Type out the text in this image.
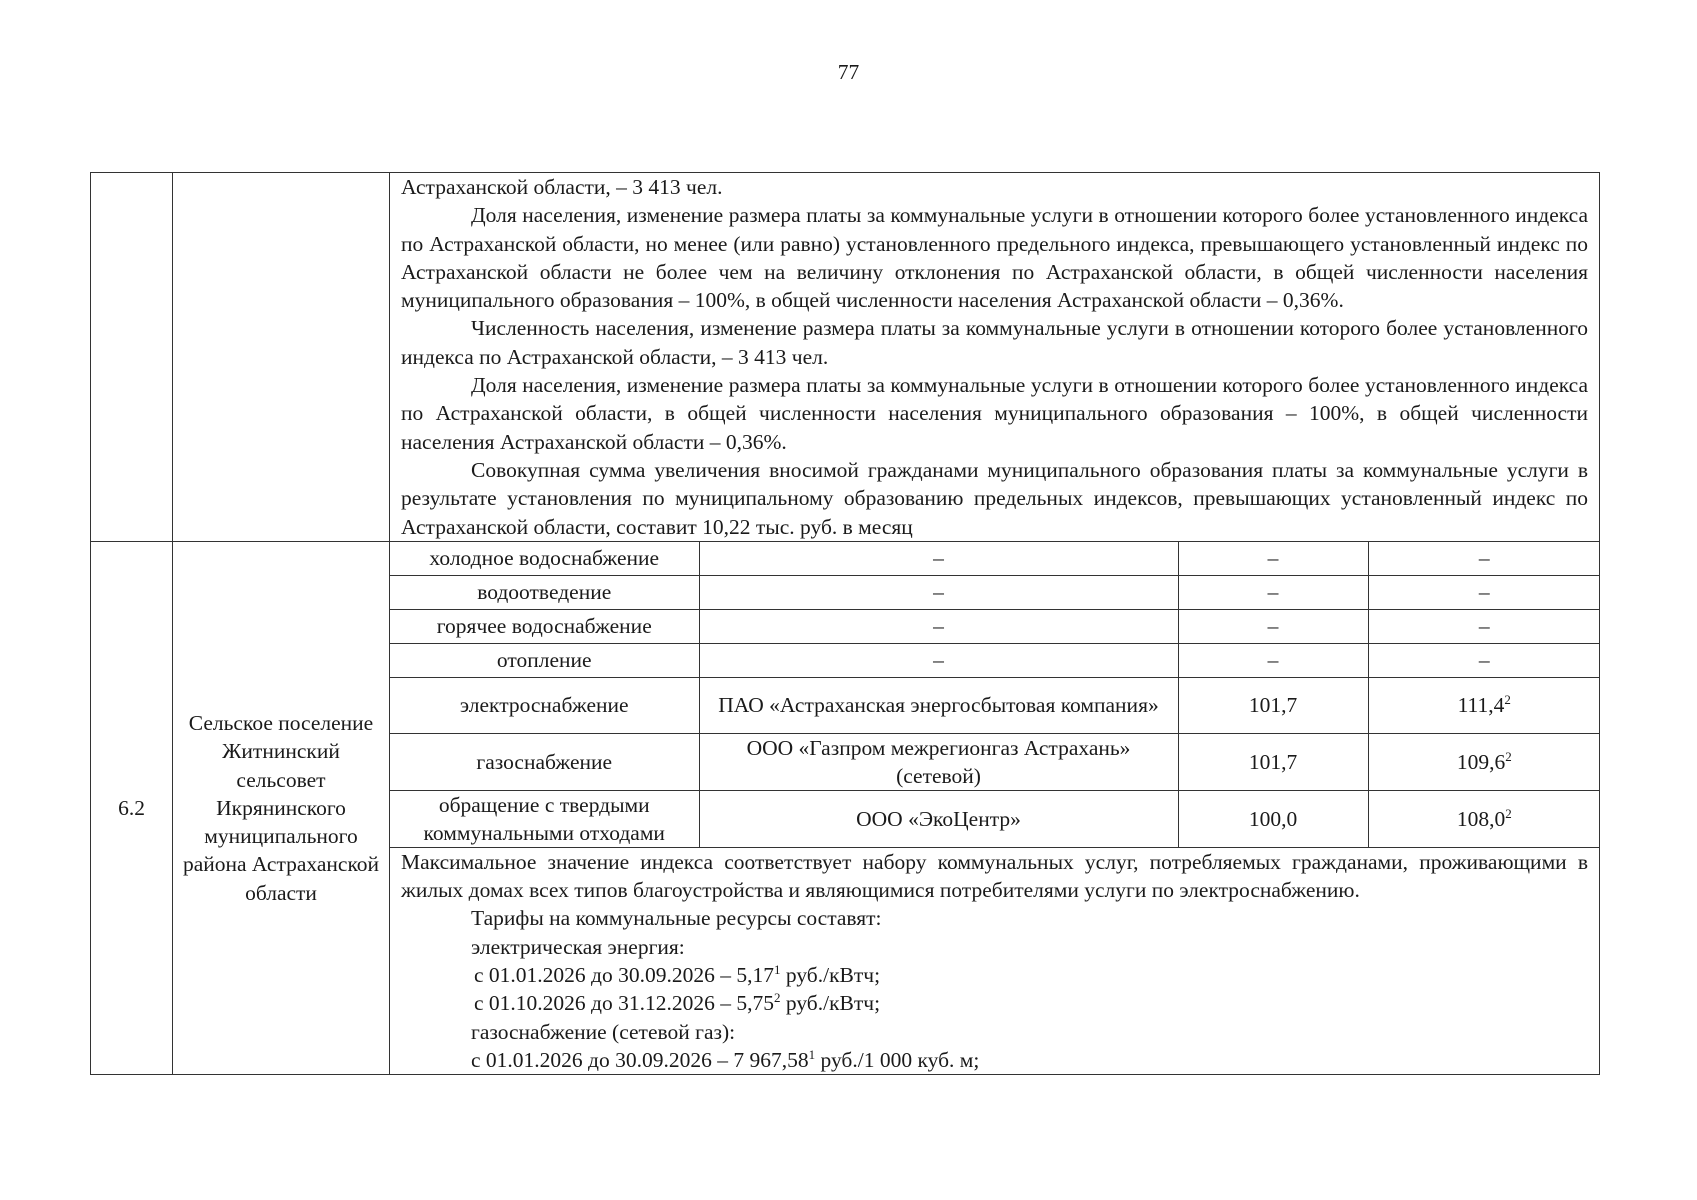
77

Астраханской области, – 3 413 чел.

Доля населения, изменение размера платы за коммунальные услуги в отношении которого более установленного индекса по Астраханской области, но менее (или равно) установленного предельного индекса, превышающего установленный индекс по Астраханской области не более чем на величину отклонения по Астраханской области, в общей численности населения муниципального образования – 100%, в общей численности населения Астраханской области – 0,36%.

Численность населения, изменение размера платы за коммунальные услуги в отношении которого более установленного индекса по Астраханской области, – 3 413 чел.

Доля населения, изменение размера платы за коммунальные услуги в отношении которого более установленного индекса по Астраханской области, в общей численности населения муниципального образования – 100%, в общей численности населения Астраханской области – 0,36%.

Совокупная сумма увеличения вносимой гражданами муниципального образования платы за коммунальные услуги в результате установления по муниципальному образованию предельных индексов, превышающих установленный индекс по Астраханской области, составит 10,22 тыс. руб. в месяц

6.2	
Сельское поселение Житнинский сельсовет Икрянинского муниципального района Астраханской области

холодное водоснабжение	–	–	–
водоотведение	–	–	–
горячее водоснабжение	–	–	–
отопление	–	–	–
электроснабжение	ПАО «Астраханская энергосбытовая компания»	101,7	111,4$^2$
газоснабжение	ООО «Газпром межрегионгаз Астрахань» (сетевой)	101,7	109,6$^2$
обращение с твердыми коммунальными отходами	ООО «ЭкоЦентр»	100,0	108,0$^2$

Максимальное значение индекса соответствует набору коммунальных услуг, потребляемых гражданами, проживающими в жилых домах всех типов благоустройства и являющимися потребителями услуги по электроснабжению.

Тарифы на коммунальные ресурсы составят:

электрическая энергия:

с 01.01.2026 до 30.09.2026 – 5,17$^1$ руб./кВтч;

с 01.10.2026 до 31.12.2026 – 5,75$^2$ руб./кВтч;

газоснабжение (сетевой газ):

с 01.01.2026 до 30.09.2026 – 7 967,58$^1$ руб./1 000 куб. м;
